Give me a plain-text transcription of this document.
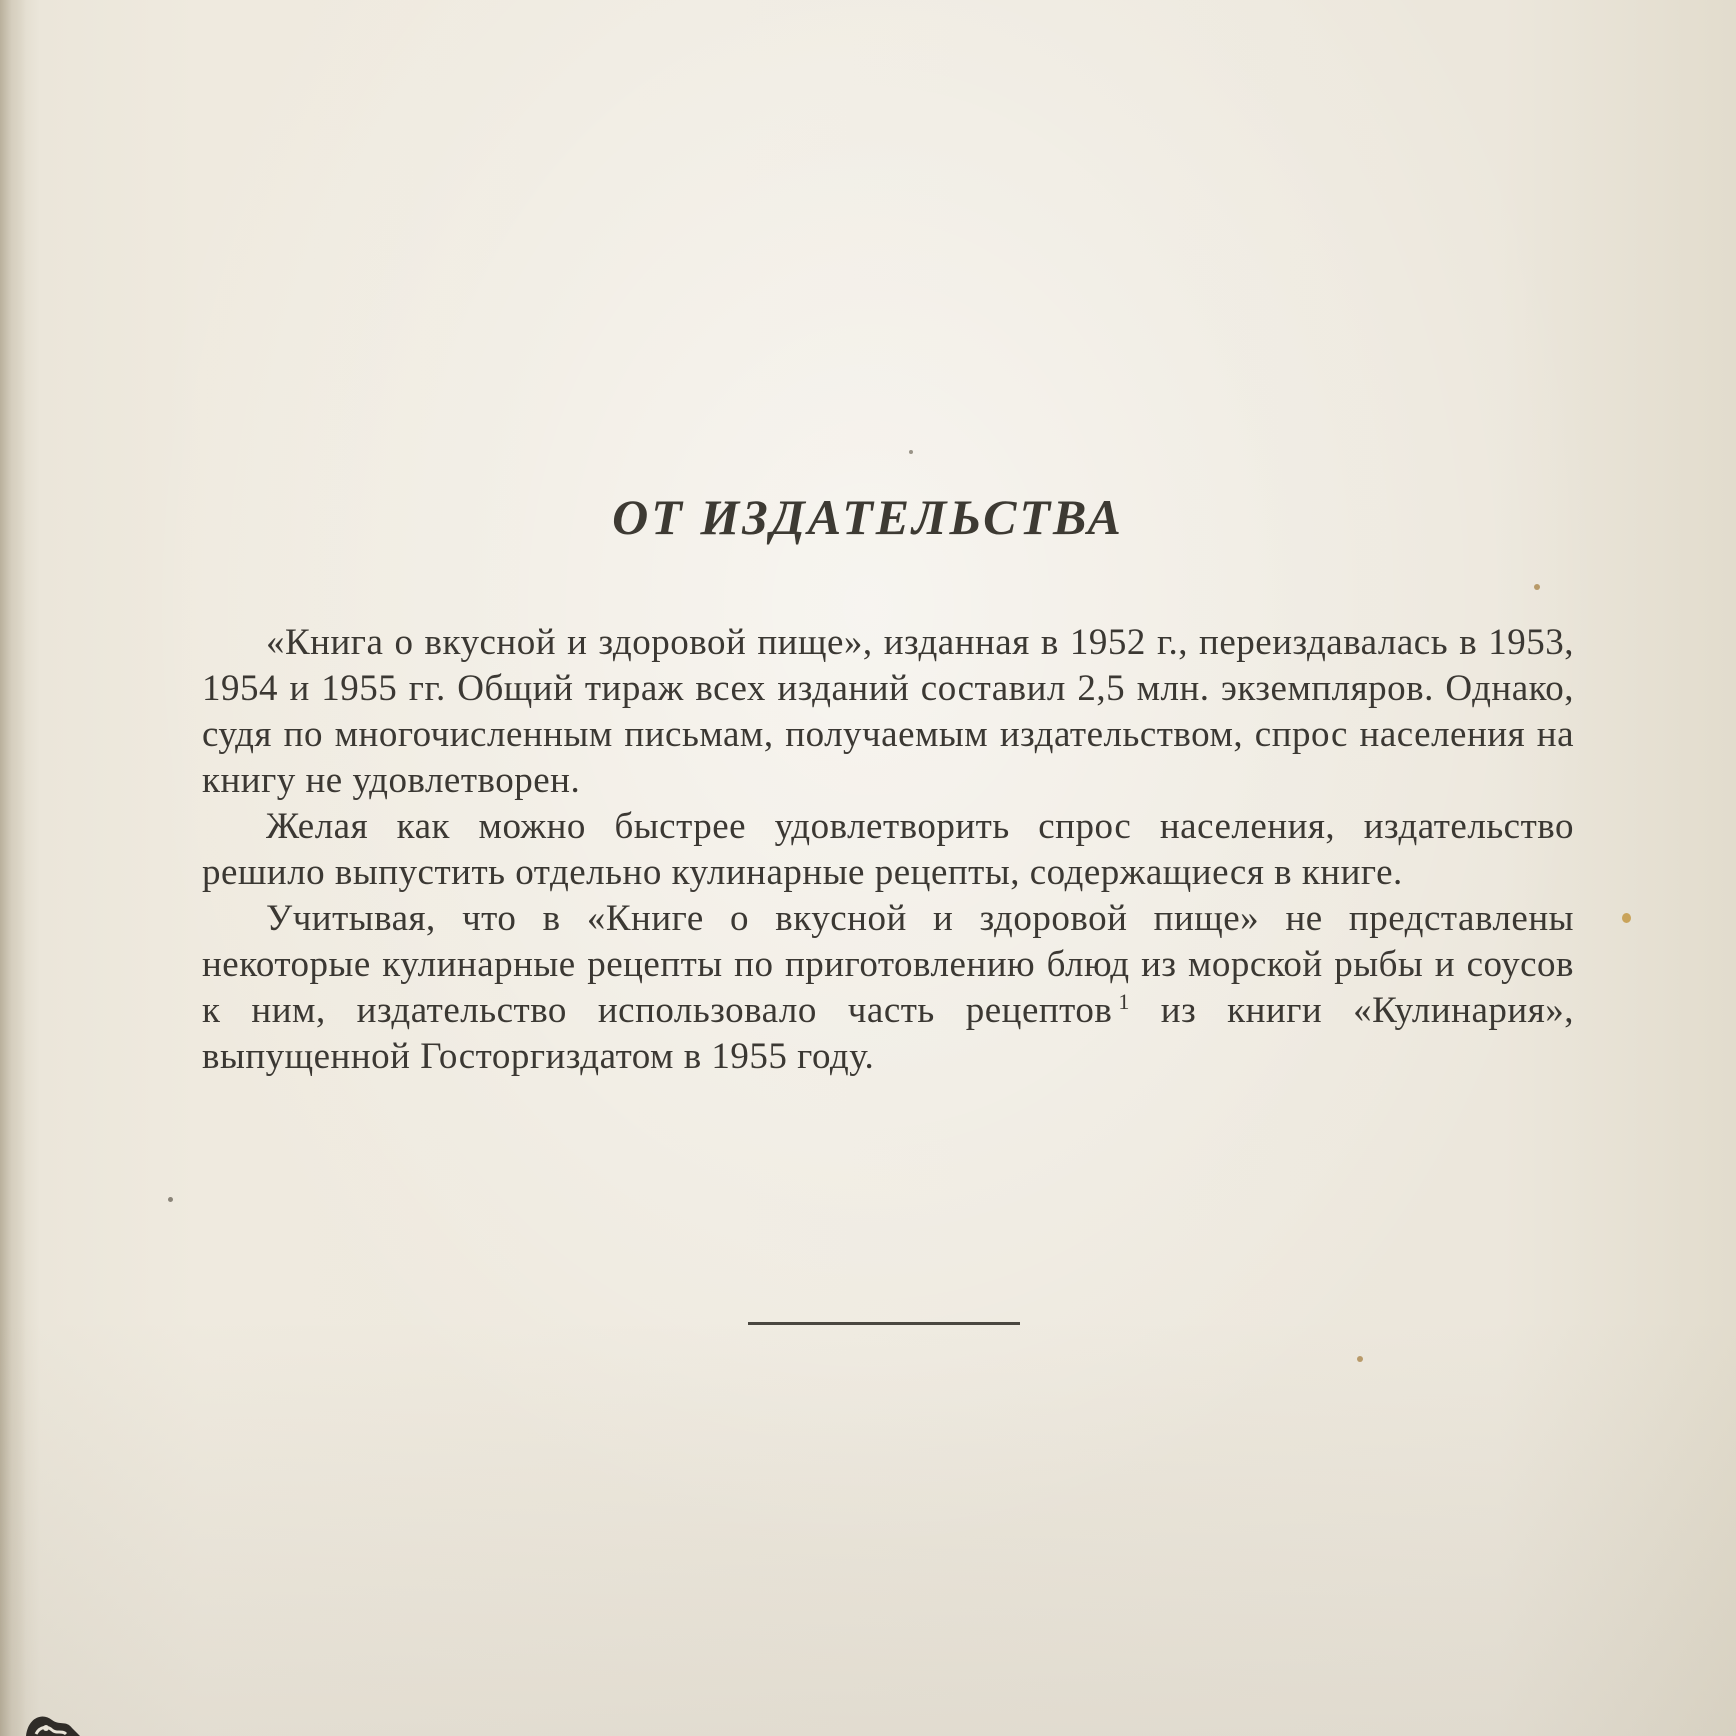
ОТ ИЗДАТЕЛЬСТВА

«Книга о вкусной и здоровой пище», изданная в 1952 г., переиздавалась в 1953, 1954 и 1955 гг. Общий тираж всех изданий составил 2,5 млн. экземпляров. Однако, судя по многочисленным письмам, получаемым издательством, спрос населения на книгу не удовлетворен.

Желая как можно быстрее удовлетворить спрос населения, издательство решило выпустить отдельно кулинарные рецепты, содержащиеся в книге.

Учитывая, что в «Книге о вкусной и здоровой пище» не представлены некоторые кулинарные рецепты по приготовлению блюд из морской рыбы и соусов к ним, издательство использовало часть рецептов $^1$ из книги «Кулинария», выпущенной Госторгиздатом в 1955 году.
